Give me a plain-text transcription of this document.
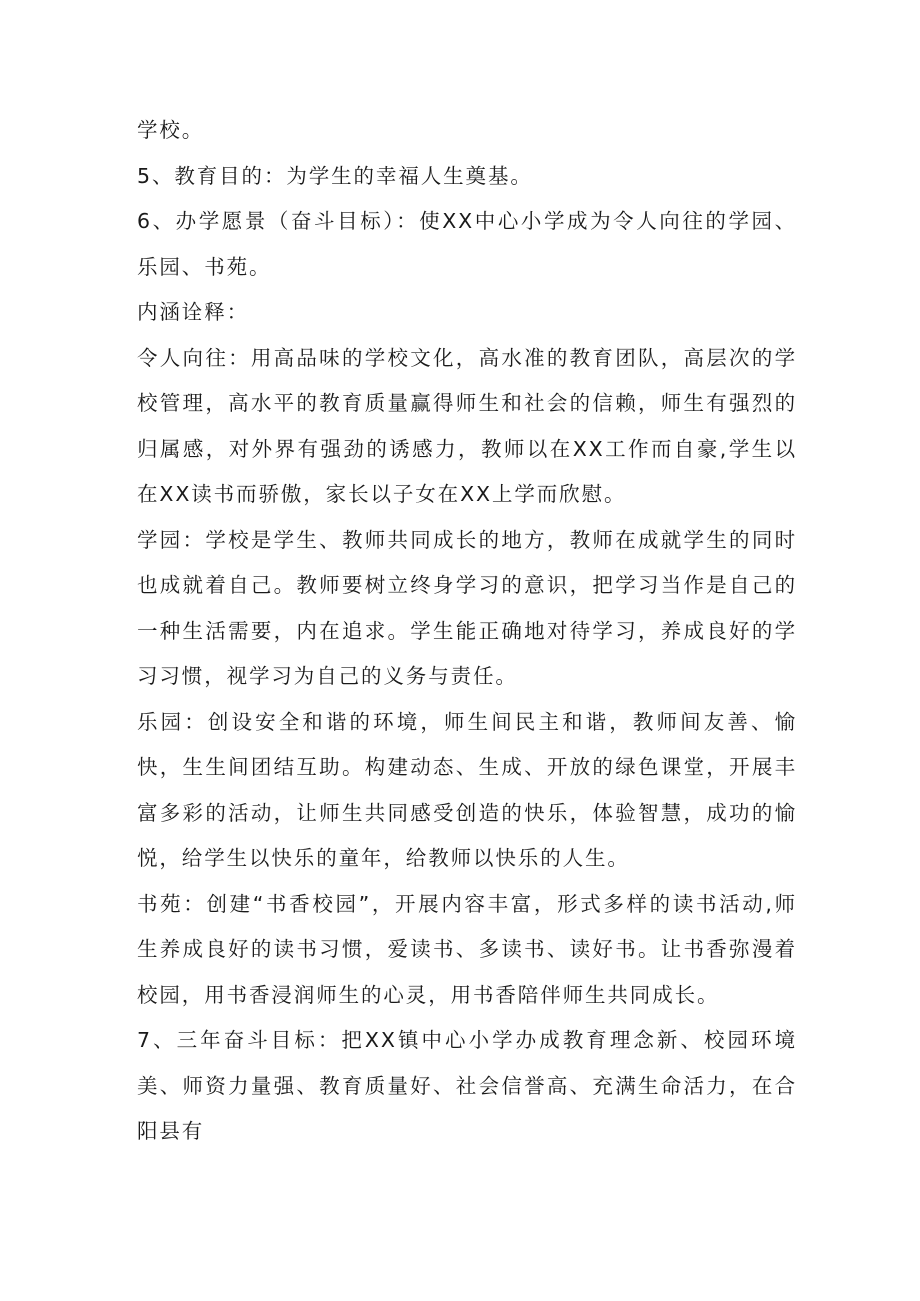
学校。

5、教育目的：为学生的幸福人生奠基。

6、办学愿景（奋斗目标）：使XX中心小学成为令人向往的学园、乐园、书苑。

内涵诠释：

令人向往：用高品味的学校文化，高水准的教育团队，高层次的学校管理，高水平的教育质量赢得师生和社会的信赖，师生有强烈的归属感，对外界有强劲的诱感力，教师以在XX工作而自豪,学生以在XX读书而骄傲，家长以子女在XX上学而欣慰。

学园：学校是学生、教师共同成长的地方，教师在成就学生的同时也成就着自己。教师要树立终身学习的意识，把学习当作是自己的一种生活需要，内在追求。学生能正确地对待学习，养成良好的学习习惯，视学习为自己的义务与责任。

乐园：创设安全和谐的环境，师生间民主和谐，教师间友善、愉快，生生间团结互助。构建动态、生成、开放的绿色课堂，开展丰富多彩的活动，让师生共同感受创造的快乐，体验智慧，成功的愉悦，给学生以快乐的童年，给教师以快乐的人生。

书苑：创建“书香校园”，开展内容丰富，形式多样的读书活动,师生养成良好的读书习惯，爱读书、多读书、读好书。让书香弥漫着校园，用书香浸润师生的心灵，用书香陪伴师生共同成长。

7、三年奋斗目标：把XX镇中心小学办成教育理念新、校园环境美、师资力量强、教育质量好、社会信誉高、充满生命活力，在合阳县有
